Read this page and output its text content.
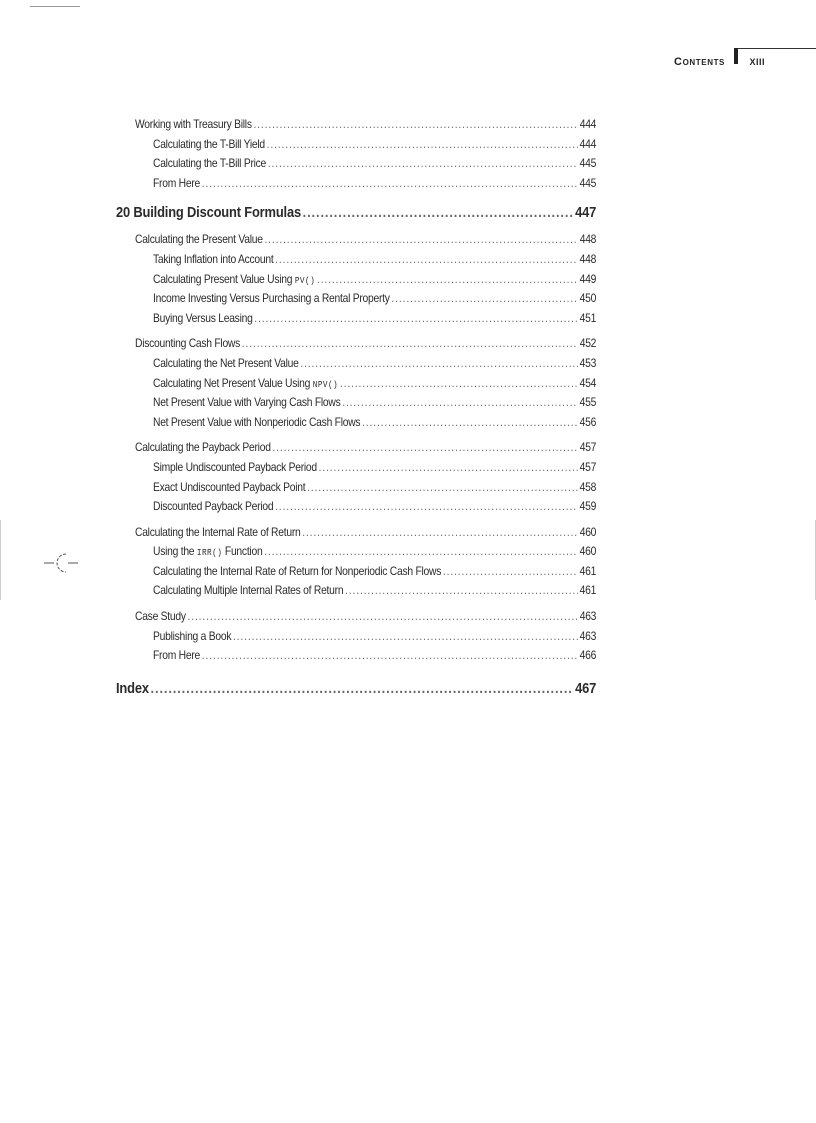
Contents	XIII
Working with Treasury Bills .....	444
Calculating the T-Bill Yield .....	444
Calculating the T-Bill Price .....	445
From Here .....	445
20 Building Discount Formulas .....	447
Calculating the Present Value .....	448
Taking Inflation into Account .....	448
Calculating Present Value Using PV() .....	449
Income Investing Versus Purchasing a Rental Property .....	450
Buying Versus Leasing .....	451
Discounting Cash Flows .....	452
Calculating the Net Present Value .....	453
Calculating Net Present Value Using NPV() .....	454
Net Present Value with Varying Cash Flows .....	455
Net Present Value with Nonperiodic Cash Flows .....	456
Calculating the Payback Period .....	457
Simple Undiscounted Payback Period .....	457
Exact Undiscounted Payback Point .....	458
Discounted Payback Period .....	459
Calculating the Internal Rate of Return .....	460
Using the IRR() Function .....	460
Calculating the Internal Rate of Return for Nonperiodic Cash Flows .....	461
Calculating Multiple Internal Rates of Return .....	461
Case Study .....	463
Publishing a Book .....	463
From Here .....	466
Index .....	467
